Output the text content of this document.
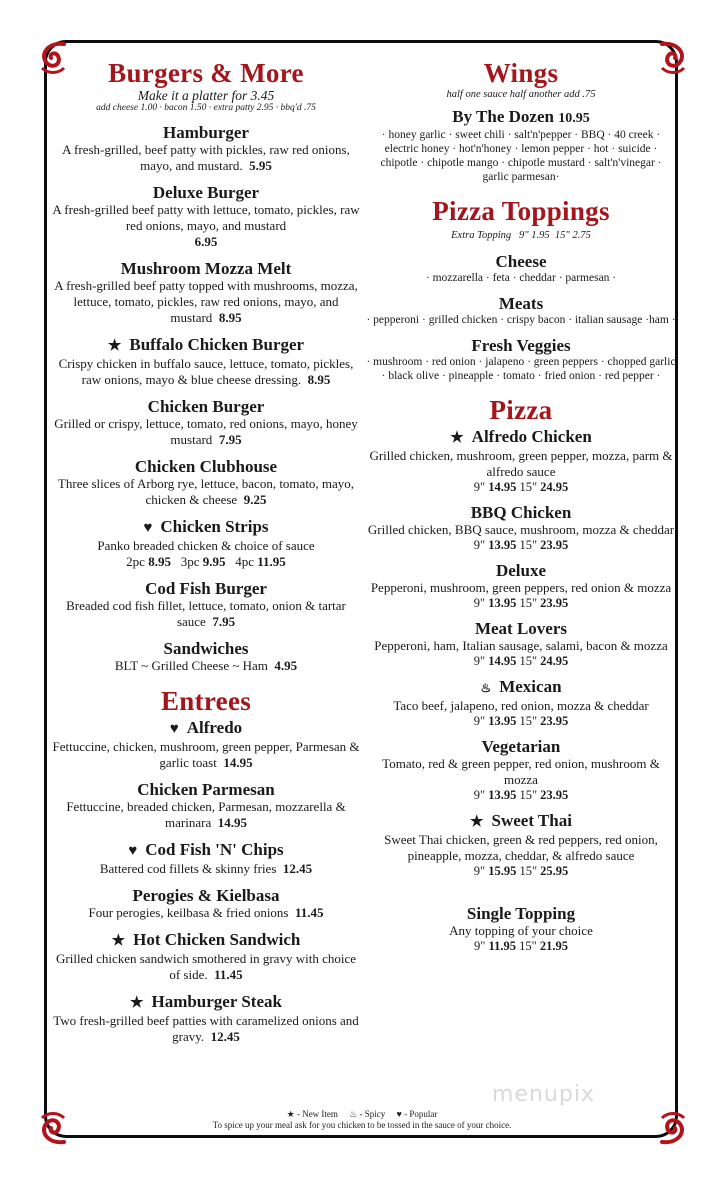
Burgers & More
Make it a platter for 3.45
add cheese 1.00 · bacon 1.50 · extra patty 2.95 · bbq'd .75
Hamburger
A fresh-grilled, beef patty with pickles, raw red onions, mayo, and mustard. 5.95
Deluxe Burger
A fresh-grilled beef patty with lettuce, tomato, pickles, raw red onions, mayo, and mustard
6.95
Mushroom Mozza Melt
A fresh-grilled beef patty topped with mushrooms, mozza, lettuce, tomato, pickles, raw red onions, mayo, and mustard 8.95
★ Buffalo Chicken Burger
Crispy chicken in buffalo sauce, lettuce, tomato, pickles, raw onions, mayo & blue cheese dressing. 8.95
Chicken Burger
Grilled or crispy, lettuce, tomato, red onions, mayo, honey mustard 7.95
Chicken Clubhouse
Three slices of Arborg rye, lettuce, bacon, tomato, mayo, chicken & cheese 9.25
♥ Chicken Strips
Panko breaded chicken & choice of sauce
2pc 8.95 3pc 9.95 4pc 11.95
Cod Fish Burger
Breaded cod fish fillet, lettuce, tomato, onion & tartar sauce 7.95
Sandwiches
BLT ~ Grilled Cheese ~ Ham 4.95
Entrees
♥ Alfredo
Fettuccine, chicken, mushroom, green pepper, Parmesan & garlic toast 14.95
Chicken Parmesan
Fettuccine, breaded chicken, Parmesan, mozzarella & marinara 14.95
♥ Cod Fish 'N' Chips
Battered cod fillets & skinny fries 12.45
Perogies & Kielbasa
Four perogies, keilbasa & fried onions 11.45
★ Hot Chicken Sandwich
Grilled chicken sandwich smothered in gravy with choice of side. 11.45
★ Hamburger Steak
Two fresh-grilled beef patties with caramelized onions and gravy. 12.45
Wings
half one sauce half another add .75
By The Dozen 10.95
· honey garlic · sweet chili · salt'n'pepper · BBQ · 40 creek · electric honey · hot'n'honey · lemon pepper · hot · suicide · chipotle · chipotle mango · chipotle mustard · salt'n'vinegar · garlic parmesan·
Pizza Toppings
Extra Topping   9" 1.95  15" 2.75
Cheese
· mozzarella · feta · cheddar · parmesan ·
Meats
· pepperoni · grilled chicken · crispy bacon · italian sausage ·ham ·
Fresh Veggies
· mushroom · red onion · jalapeno · green peppers · chopped garlic · black olive · pineapple · tomato · fried onion · red pepper ·
Pizza
★ Alfredo Chicken
Grilled chicken, mushroom, green pepper, mozza, parm & alfredo sauce
9" 14.95 15" 24.95
BBQ Chicken
Grilled chicken, BBQ sauce, mushroom, mozza & cheddar
9" 13.95 15" 23.95
Deluxe
Pepperoni, mushroom, green peppers, red onion & mozza
9" 13.95 15" 23.95
Meat Lovers
Pepperoni, ham, Italian sausage, salami, bacon & mozza
9" 14.95 15" 24.95
♨ Mexican
Taco beef, jalapeno, red onion, mozza & cheddar
9" 13.95 15" 23.95
Vegetarian
Tomato, red & green pepper, red onion, mushroom & mozza
9" 13.95 15" 23.95
★ Sweet Thai
Sweet Thai chicken, green & red peppers, red onion, pineapple, mozza, cheddar, & alfredo sauce
9" 15.95 15" 25.95
Single Topping
Any topping of your choice
9" 11.95 15" 21.95
menupix
★ - New Item ♨ - Spicy ♥ - Popular
To spice up your meal ask for you chicken to be tossed in the sauce of your choice.
